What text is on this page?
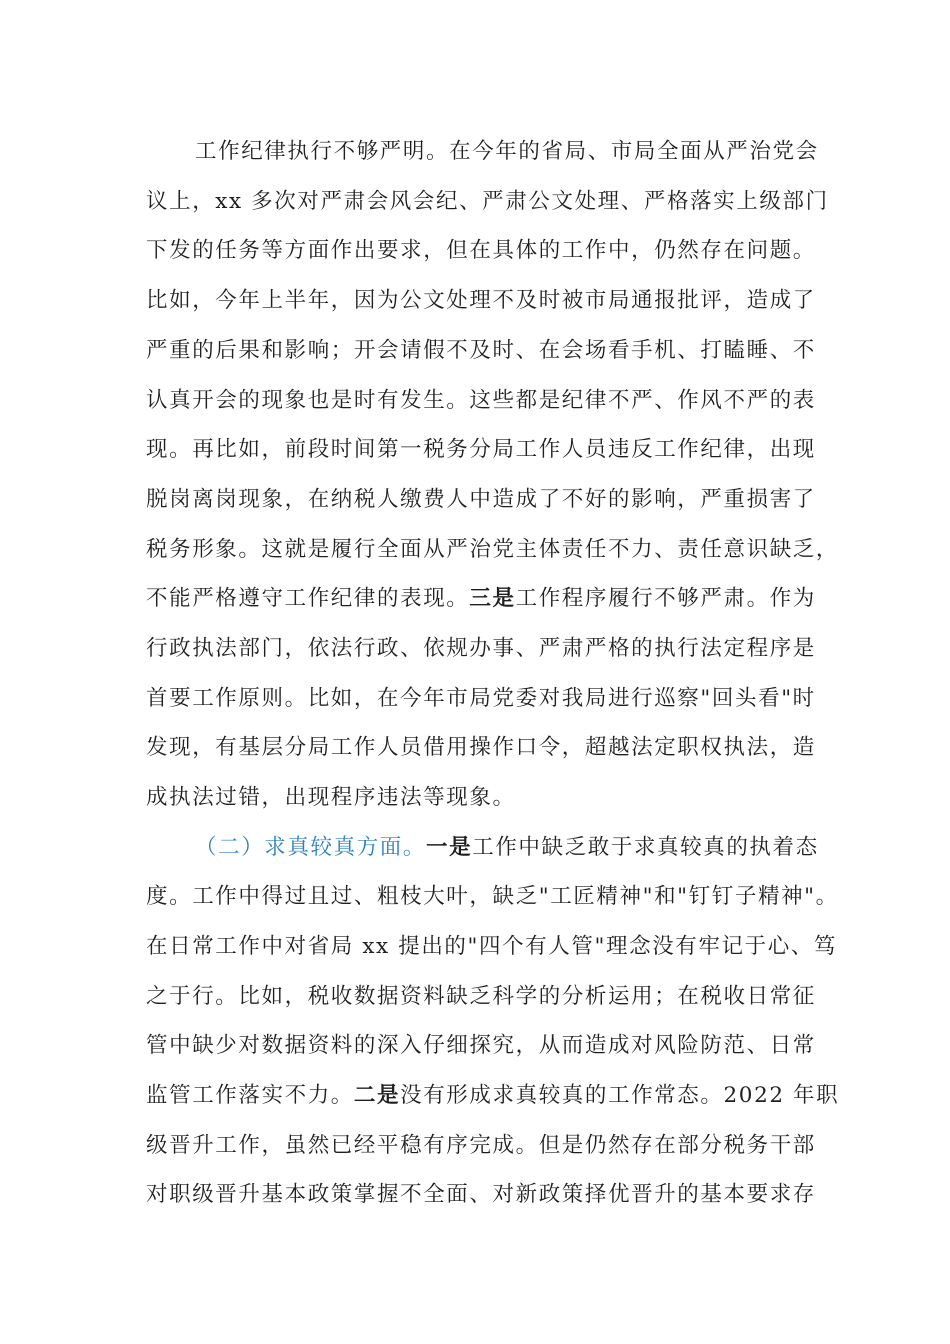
工作纪律执行不够严明。在今年的省局、市局全面从严治党会
议上，xx 多次对严肃会风会纪、严肃公文处理、严格落实上级部门
下发的任务等方面作出要求，但在具体的工作中，仍然存在问题。
比如，今年上半年，因为公文处理不及时被市局通报批评，造成了
严重的后果和影响；开会请假不及时、在会场看手机、打瞌睡、不
认真开会的现象也是时有发生。这些都是纪律不严、作风不严的表
现。再比如，前段时间第一税务分局工作人员违反工作纪律，出现
脱岗离岗现象，在纳税人缴费人中造成了不好的影响，严重损害了
税务形象。这就是履行全面从严治党主体责任不力、责任意识缺乏，
不能严格遵守工作纪律的表现。三是工作程序履行不够严肃。作为
行政执法部门，依法行政、依规办事、严肃严格的执行法定程序是
首要工作原则。比如，在今年市局党委对我局进行巡察"回头看"时
发现，有基层分局工作人员借用操作口令，超越法定职权执法，造
成执法过错，出现程序违法等现象。
（二）求真较真方面。一是工作中缺乏敢于求真较真的执着态
度。工作中得过且过、粗枝大叶，缺乏"工匠精神"和"钉钉子精神"。
在日常工作中对省局 xx 提出的"四个有人管"理念没有牢记于心、笃
之于行。比如，税收数据资料缺乏科学的分析运用；在税收日常征
管中缺少对数据资料的深入仔细探究，从而造成对风险防范、日常
监管工作落实不力。二是没有形成求真较真的工作常态。2022 年职
级晋升工作，虽然已经平稳有序完成。但是仍然存在部分税务干部
对职级晋升基本政策掌握不全面、对新政策择优晋升的基本要求存
